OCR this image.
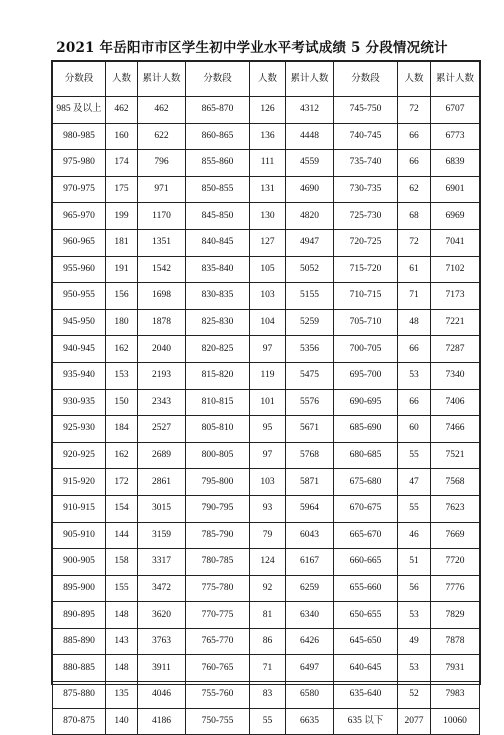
2021 年岳阳市市区学生初中学业水平考试成绩 5 分段情况统计
分数段	人数	累计人数	分数段	人数	累计人数	分数段	人数	累计人数
985 及以上	462	462	865-870	126	4312	745-750	72	6707
980-985	160	622	860-865	136	4448	740-745	66	6773
975-980	174	796	855-860	111	4559	735-740	66	6839
970-975	175	971	850-855	131	4690	730-735	62	6901
965-970	199	1170	845-850	130	4820	725-730	68	6969
960-965	181	1351	840-845	127	4947	720-725	72	7041
955-960	191	1542	835-840	105	5052	715-720	61	7102
950-955	156	1698	830-835	103	5155	710-715	71	7173
945-950	180	1878	825-830	104	5259	705-710	48	7221
940-945	162	2040	820-825	97	5356	700-705	66	7287
935-940	153	2193	815-820	119	5475	695-700	53	7340
930-935	150	2343	810-815	101	5576	690-695	66	7406
925-930	184	2527	805-810	95	5671	685-690	60	7466
920-925	162	2689	800-805	97	5768	680-685	55	7521
915-920	172	2861	795-800	103	5871	675-680	47	7568
910-915	154	3015	790-795	93	5964	670-675	55	7623
905-910	144	3159	785-790	79	6043	665-670	46	7669
900-905	158	3317	780-785	124	6167	660-665	51	7720
895-900	155	3472	775-780	92	6259	655-660	56	7776
890-895	148	3620	770-775	81	6340	650-655	53	7829
885-890	143	3763	765-770	86	6426	645-650	49	7878
880-885	148	3911	760-765	71	6497	640-645	53	7931
875-880	135	4046	755-760	83	6580	635-640	52	7983
870-875	140	4186	750-755	55	6635	635 以下	2077	10060
